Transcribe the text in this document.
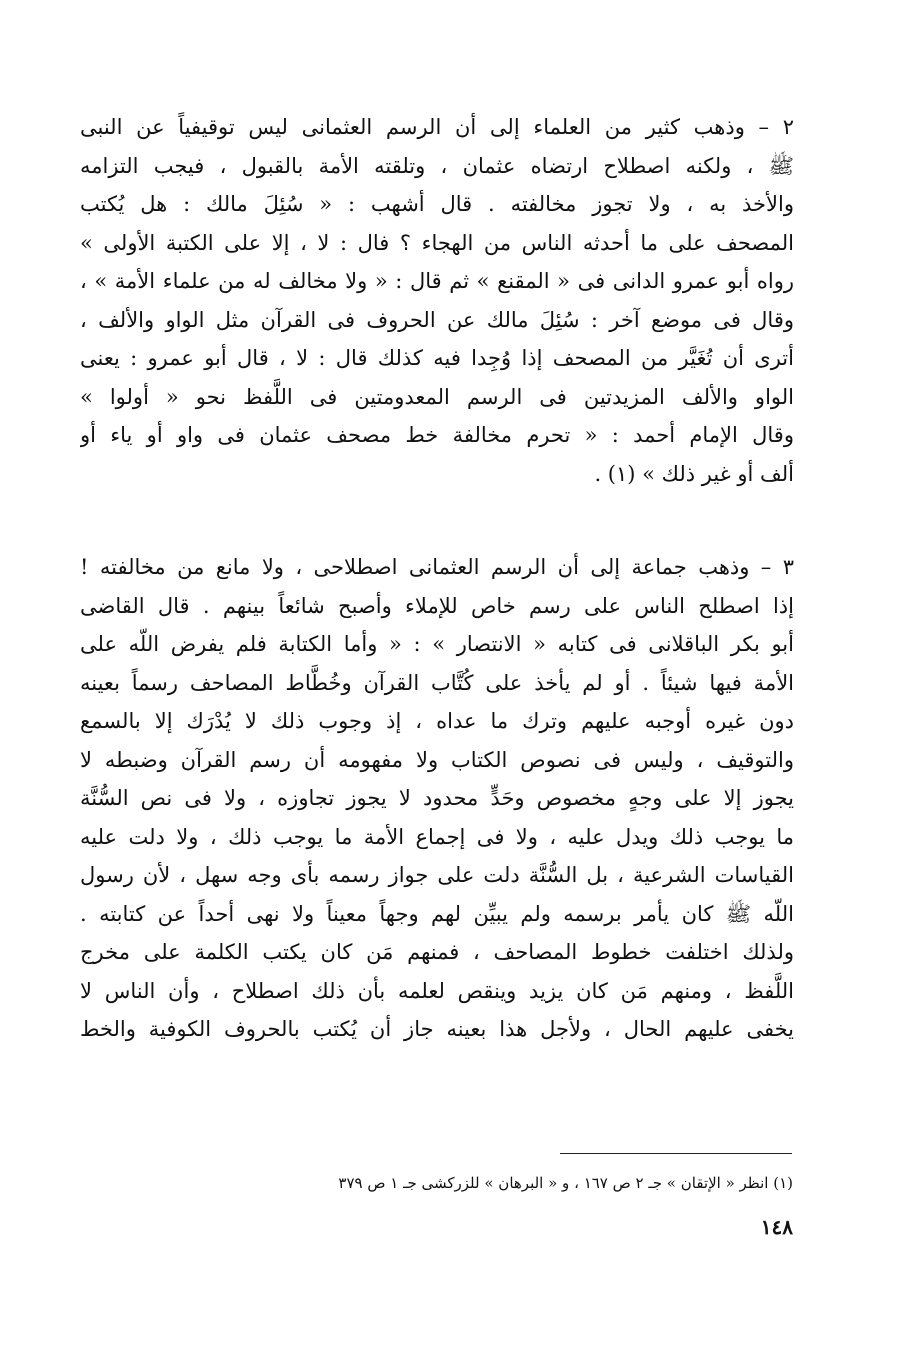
٢ – وذهب كثير من العلماء إلى أن الرسم العثمانى ليس توقيفياً عن النبى
ﷺ ، ولكنه اصطلاح ارتضاه عثمان ، وتلقته الأمة بالقبول ، فيجب التزامه
والأخذ به ، ولا تجوز مخالفته . قال أشهب : « سُئِلَ مالك : هل يُكتب
المصحف على ما أحدثه الناس من الهجاء ؟ فال : لا ، إلا على الكتبة الأولى »
رواه أبو عمرو الدانى فى « المقنع » ثم قال : « ولا مخالف له من علماء الأمة » ،
وقال فى موضع آخر : سُئِلَ مالك عن الحروف فى القرآن مثل الواو والألف ،
أترى أن تُغَيَّر من المصحف إذا وُجِدا فيه كذلك قال : لا ، قال أبو عمرو : يعنى
الواو والألف المزيدتين فى الرسم المعدومتين فى اللَّفظ نحو « أولوا »
وقال الإمام أحمد : « تحرم مخالفة خط مصحف عثمان فى واو أو ياء أو
ألف أو غير ذلك » (١) .
٣ – وذهب جماعة إلى أن الرسم العثمانى اصطلاحى ، ولا مانع من مخالفته !
إذا اصطلح الناس على رسم خاص للإملاء وأصبح شائعاً بينهم . قال القاضى
أبو بكر الباقلانى فى كتابه « الانتصار » : « وأما الكتابة فلم يفرض اللّه على
الأمة فيها شيئاً . أو لم يأخذ على كُتَّاب القرآن وخُطَّاط المصاحف رسماً بعينه
دون غيره أوجبه عليهم وترك ما عداه ، إذ وجوب ذلك لا يُدْرَك إلا بالسمع
والتوقيف ، وليس فى نصوص الكتاب ولا مفهومه أن رسم القرآن وضبطه لا
يجوز إلا على وجهٍ مخصوص وحَدٍّ محدود لا يجوز تجاوزه ، ولا فى نص السُّنَّة
ما يوجب ذلك ويدل عليه ، ولا فى إجماع الأمة ما يوجب ذلك ، ولا دلت عليه
القياسات الشرعية ، بل السُّنَّة دلت على جواز رسمه بأى وجه سهل ، لأن رسول
اللّه ﷺ كان يأمر برسمه ولم يبيِّن لهم وجهاً معيناً ولا نهى أحداً عن كتابته .
ولذلك اختلفت خطوط المصاحف ، فمنهم مَن كان يكتب الكلمة على مخرج
اللَّفظ ، ومنهم مَن كان يزيد وينقص لعلمه بأن ذلك اصطلاح ، وأن الناس لا
يخفى عليهم الحال ، ولأجل هذا بعينه جاز أن يُكتب بالحروف الكوفية والخط
(١) انظر « الإتقان » جـ ٢ ص ١٦٧ ، و « البرهان » للزركشى جـ ١ ص ٣٧٩
١٤٨
